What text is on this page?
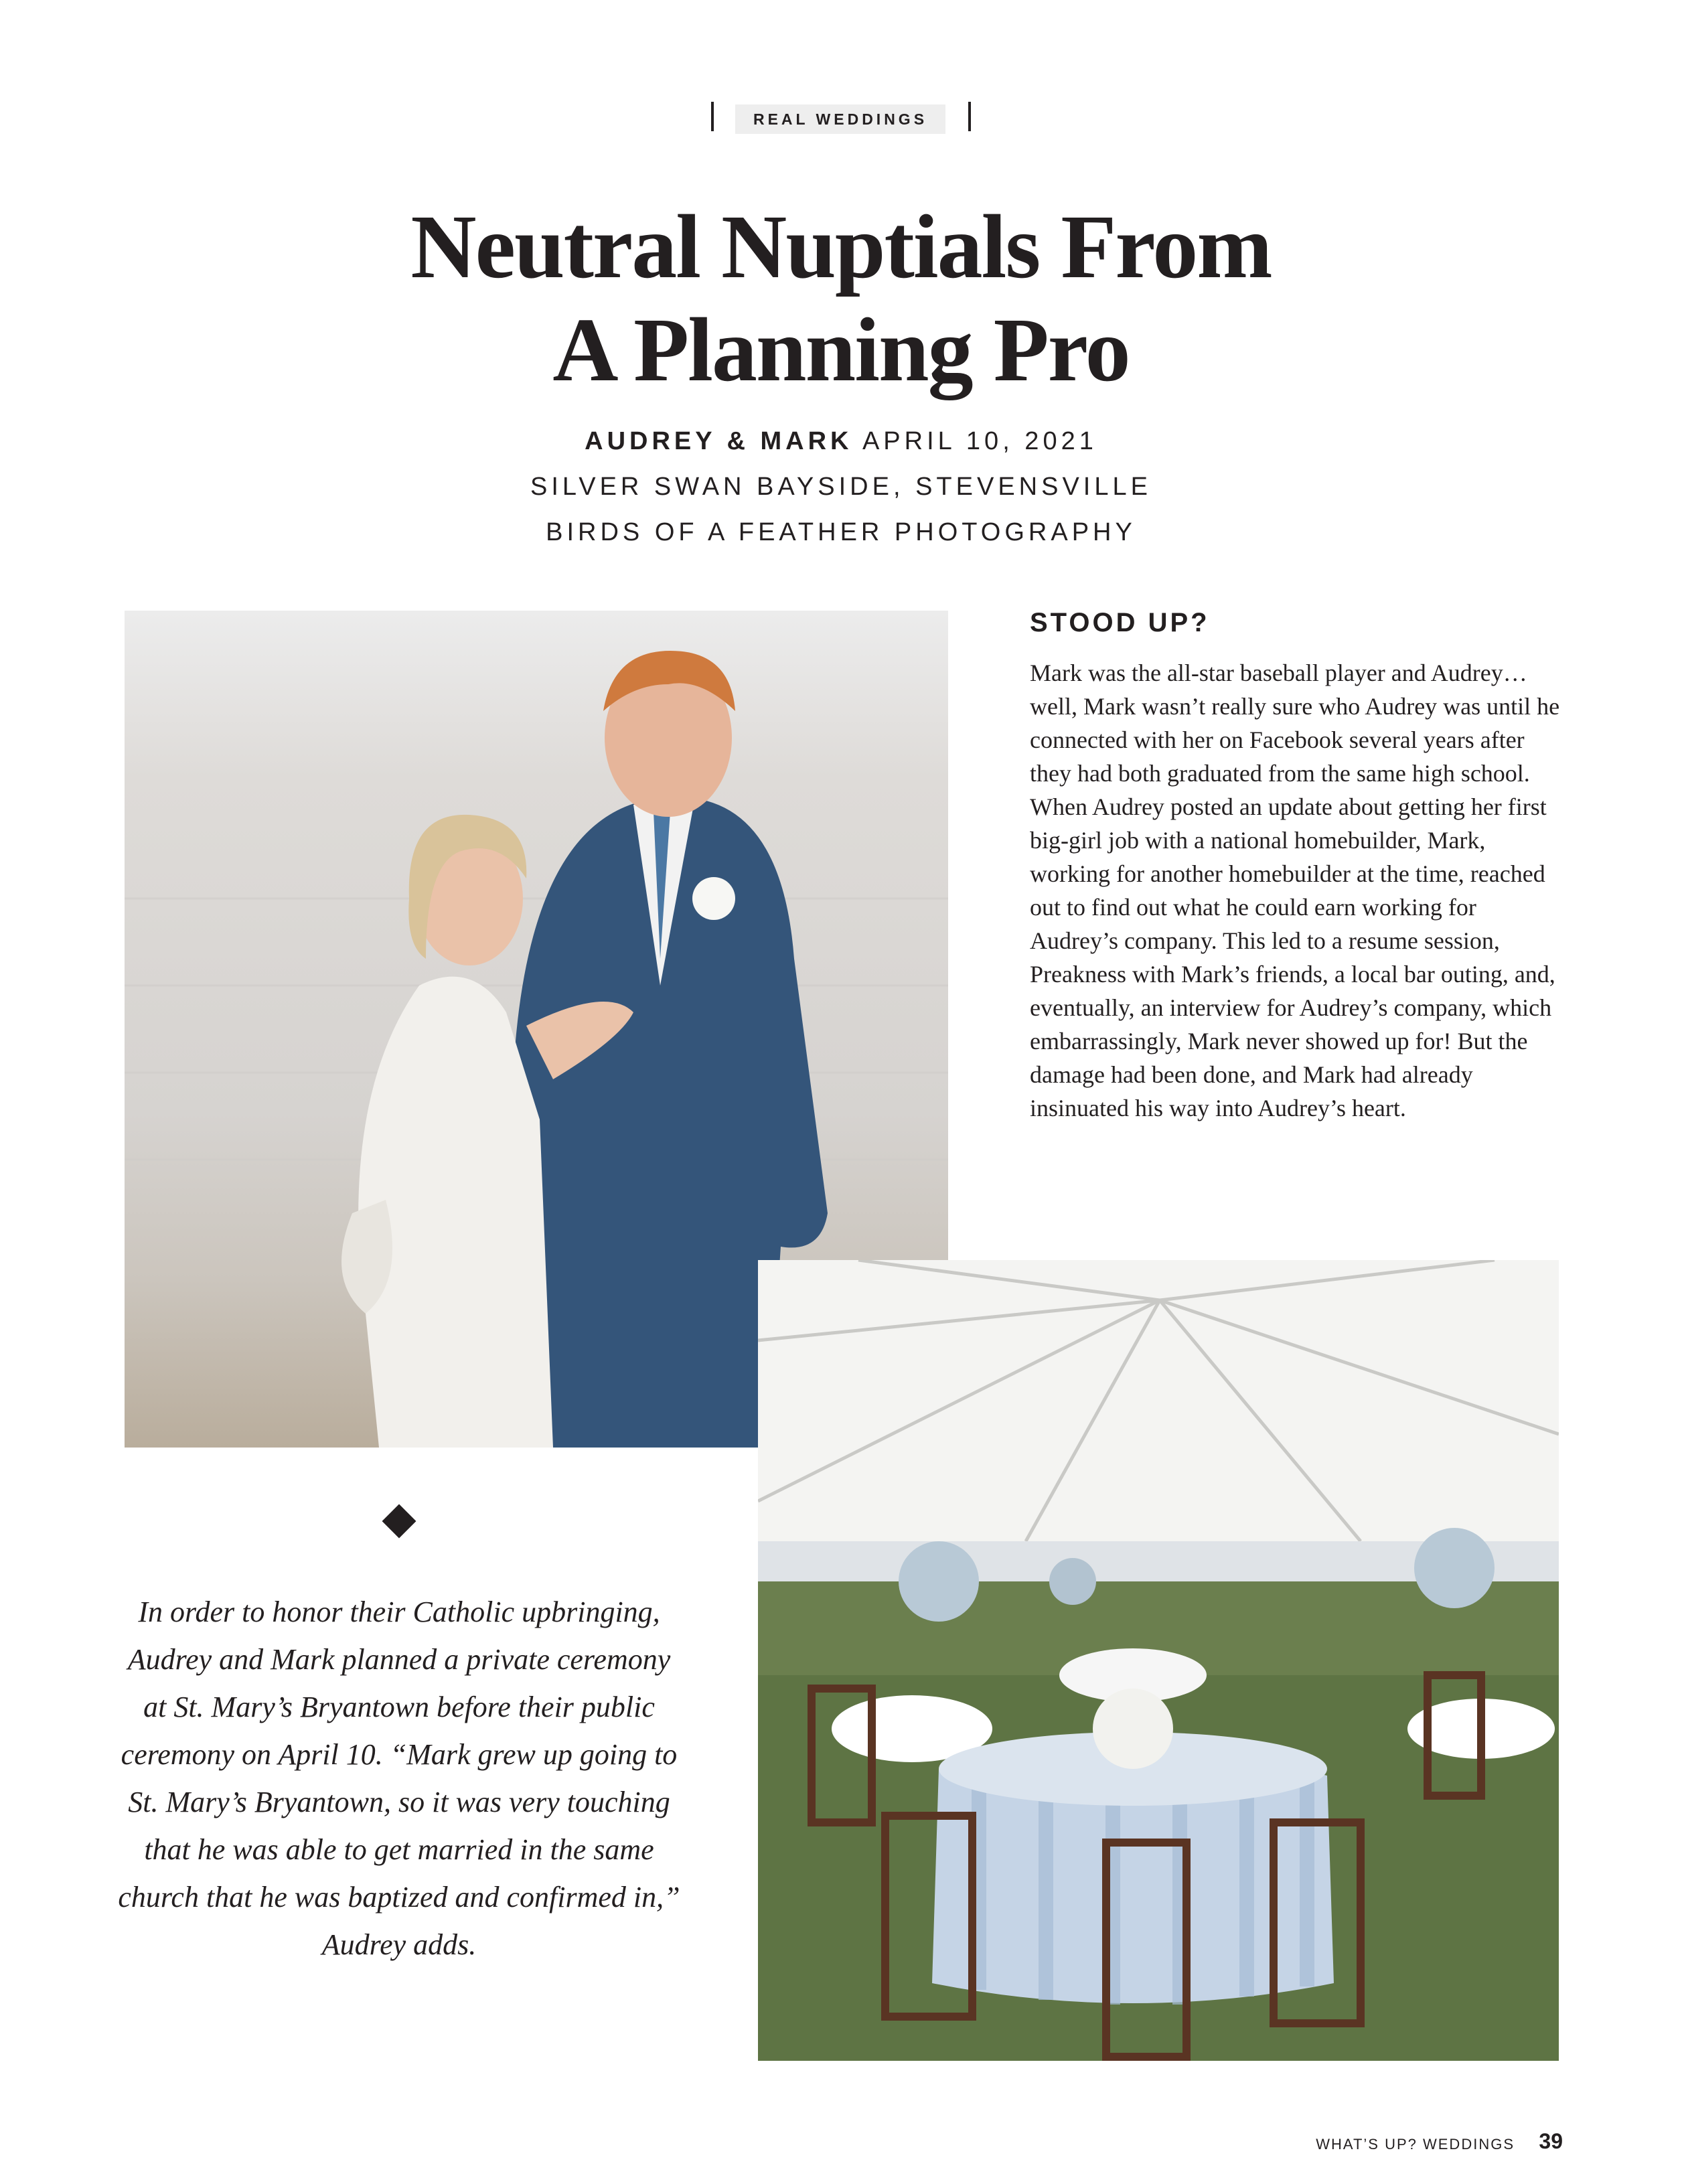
REAL WEDDINGS
Neutral Nuptials From
A Planning Pro
AUDREY & MARK APRIL 10, 2021
SILVER SWAN BAYSIDE, STEVENSVILLE
BIRDS OF A FEATHER PHOTOGRAPHY
STOOD UP?
Mark was the all-star baseball player and Audrey… well, Mark wasn’t really sure who Audrey was until he connected with her on Facebook several years after they had both graduated from the same high school. When Audrey posted an update about getting her first big-girl job with a national homebuilder, Mark, working for another homebuilder at the time, reached out to find out what he could earn working for Audrey’s company. This led to a resume session, Preakness with Mark’s friends, a local bar outing, and, eventually, an interview for Audrey’s company, which embarrassingly, Mark never showed up for! But the damage had been done, and Mark had already insinuated his way into Audrey’s heart.
In order to honor their Catholic upbringing, Audrey and Mark planned a private ceremony at St. Mary’s Bryantown before their public ceremony on April 10. “Mark grew up going to St. Mary’s Bryantown, so it was very touching that he was able to get married in the same church that he was baptized and confirmed in,” Audrey adds.
WHAT’S UP? WEDDINGS 39
